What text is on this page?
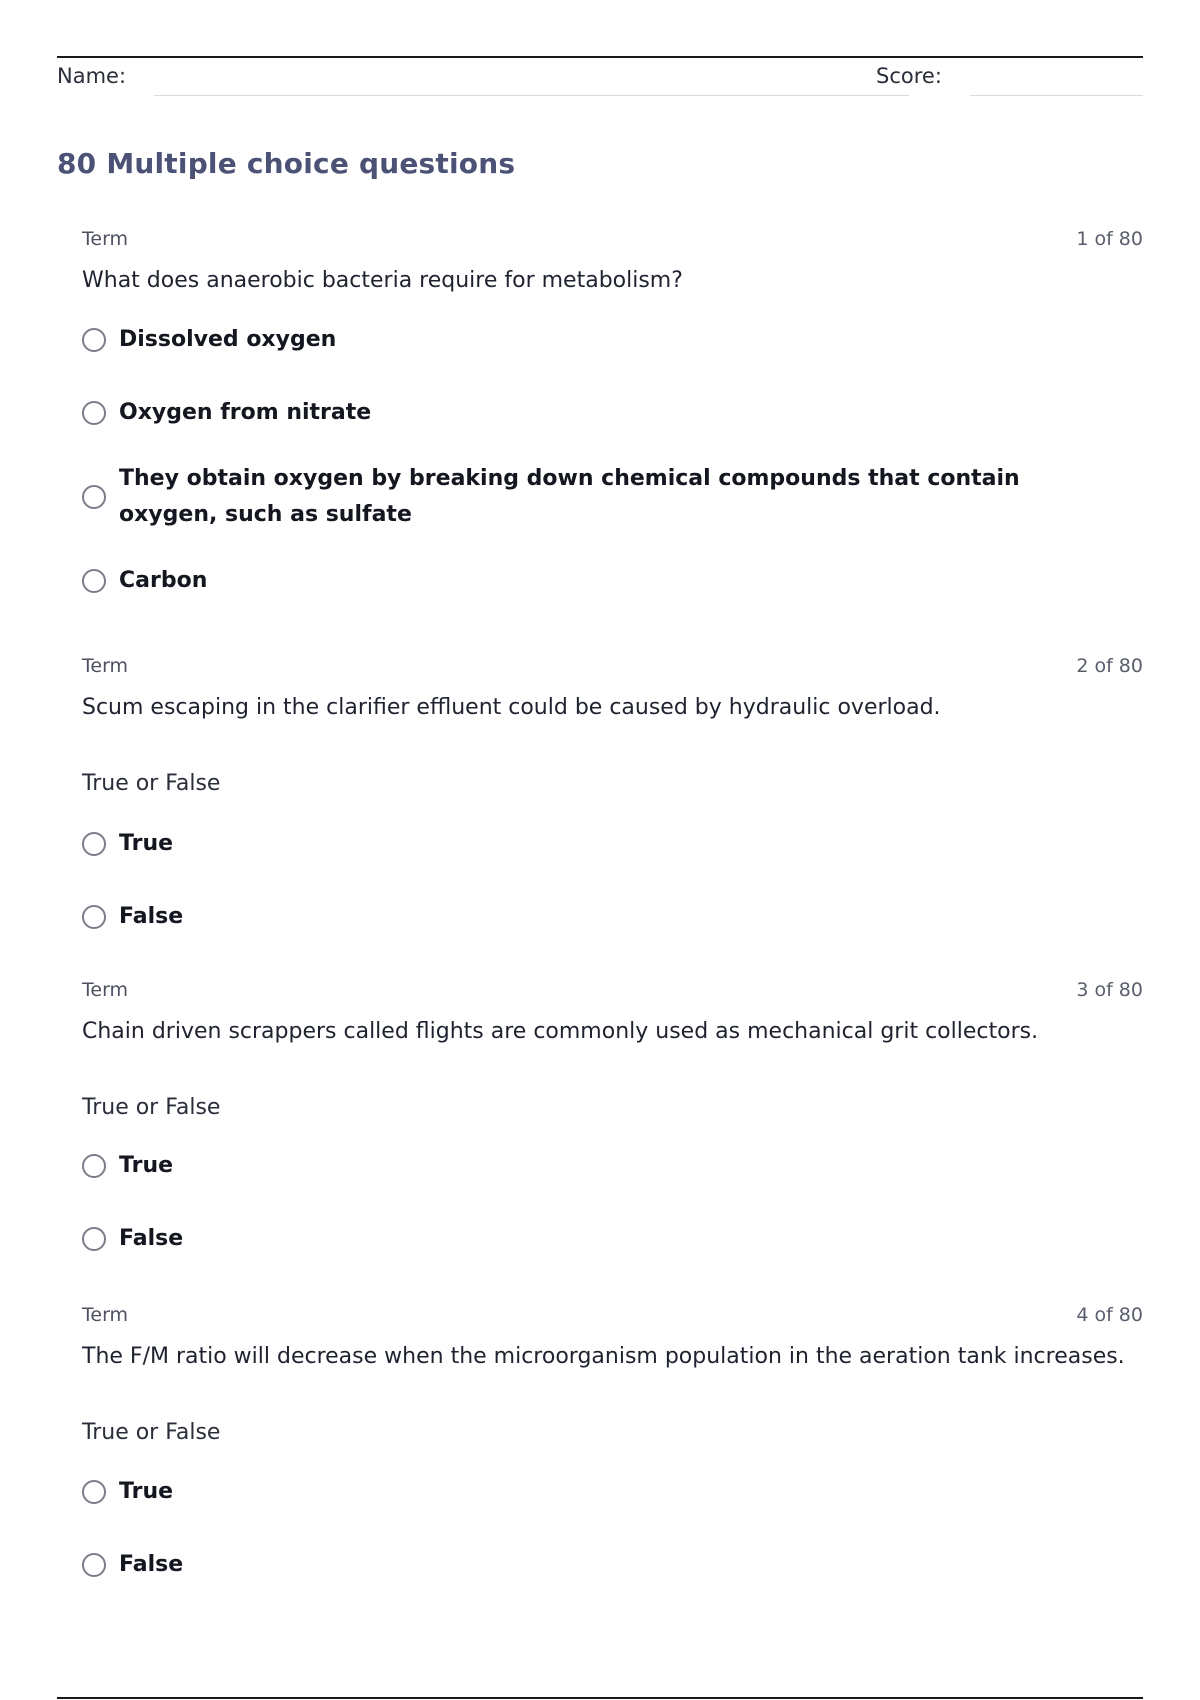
Name:	Score:
80 Multiple choice questions
Term	1 of 80
What does anaerobic bacteria require for metabolism?
Dissolved oxygen
Oxygen from nitrate
They obtain oxygen by breaking down chemical compounds that contain oxygen, such as sulfate
Carbon
Term	2 of 80
Scum escaping in the clarifier effluent could be caused by hydraulic overload.
True or False
True
False
Term	3 of 80
Chain driven scrappers called flights are commonly used as mechanical grit collectors.
True or False
True
False
Term	4 of 80
The F/M ratio will decrease when the microorganism population in the aeration tank increases.
True or False
True
False
